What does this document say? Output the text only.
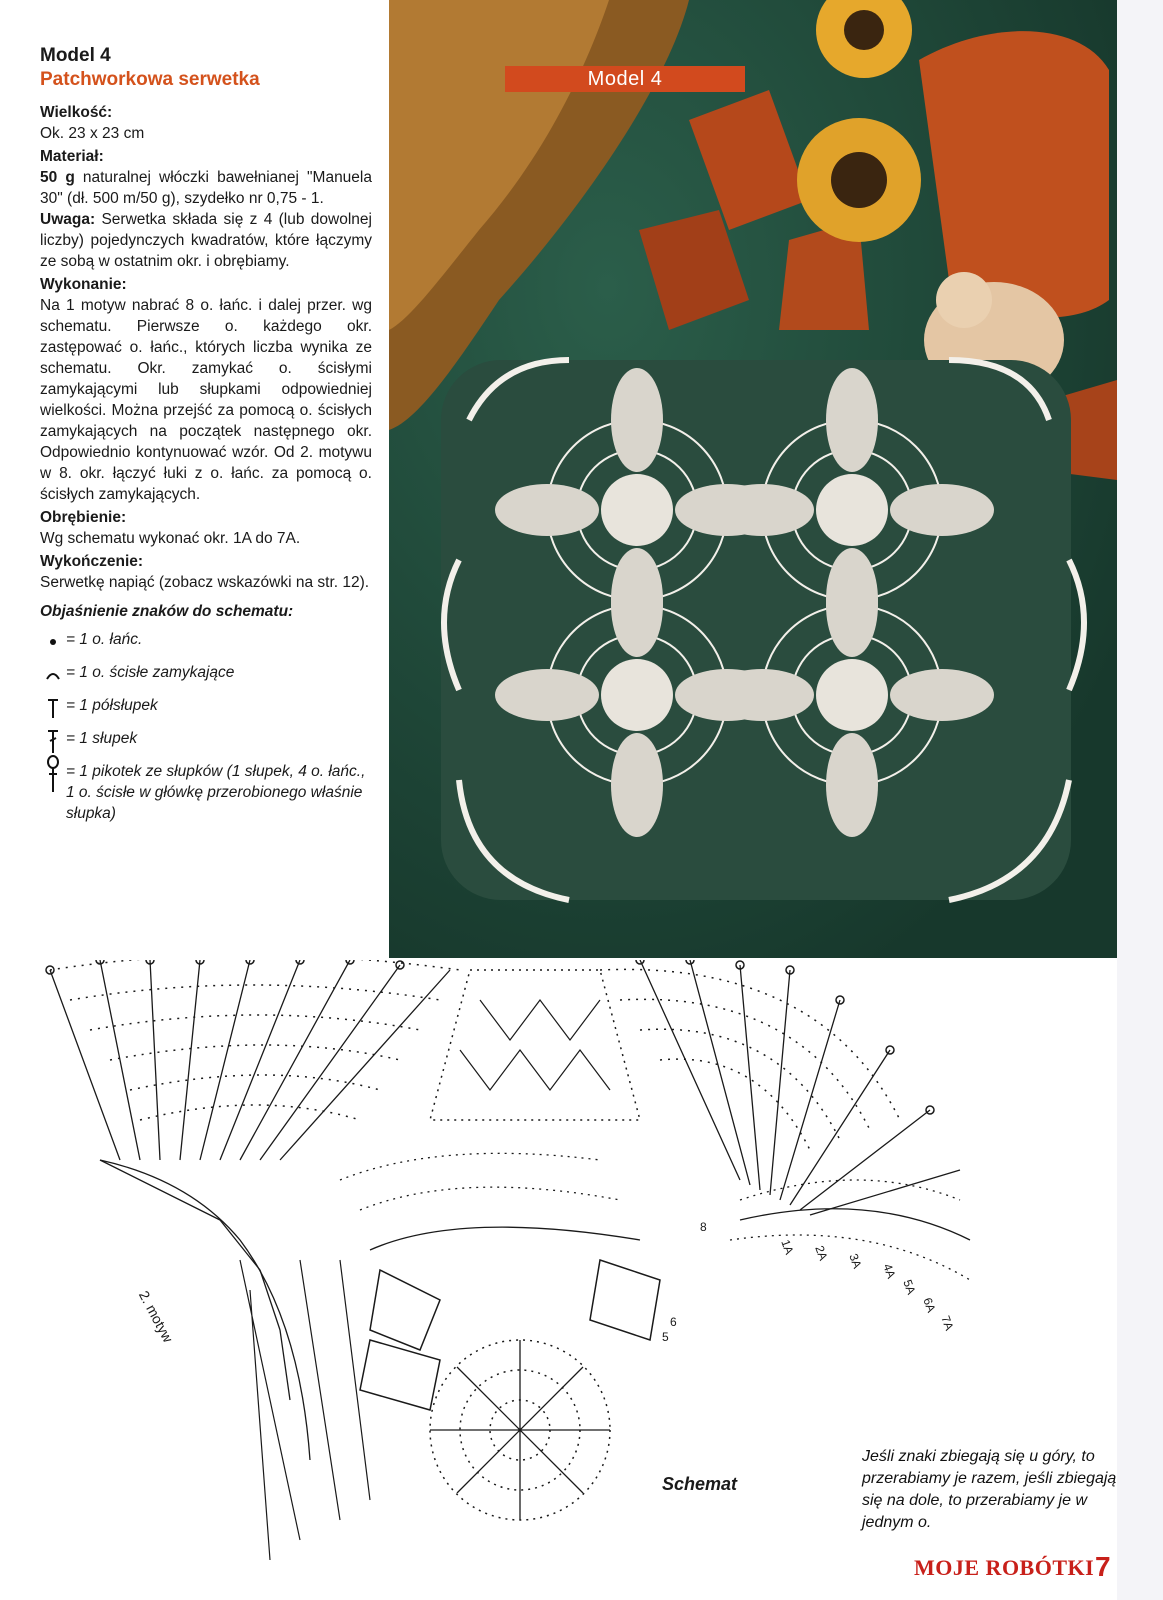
Model 4
Patchworkowa serwetka
Wielkość:

Ok. 23 x 23 cm

Materiał:

50 g naturalnej włóczki bawełnianej "Manuela 30" (dł. 500 m/50 g), szydełko nr 0,75 - 1.

Uwaga: Serwetka składa się z 4 (lub dowolnej liczby) pojedynczych kwadratów, które łączymy ze sobą w ostatnim okr. i obrębiamy.

Wykonanie:

Na 1 motyw nabrać 8 o. łańc. i dalej przer. wg schematu. Pierwsze o. każdego okr. zastępować o. łańc., których liczba wynika ze schematu. Okr. zamykać o. ścisłymi zamykającymi lub słupkami odpowiedniej wielkości. Można przejść za pomocą o. ścisłych zamykających na początek następnego okr. Odpowiednio kontynuować wzór. Od 2. motywu w 8. okr. łączyć łuki z o. łańc. za pomocą o. ścisłych zamykających.

Obrębienie:

Wg schematu wykonać okr. 1A do 7A.

Wykończenie:

Serwetkę napiąć (zobacz wskazówki na str. 12).

Objaśnienie znaków do schematu:
= 1 o. łańc.
= 1 o. ścisłe zamykające
= 1 półsłupek
= 1 słupek
= 1 pikotek ze słupków (1 słupek, 4 o. łańc., 1 o. ścisłe w główkę przerobionego właśnie słupka)
Model 4
2. motyw
1A 2A 3A
4A
5A
6A
7A
8
6
5
Schemat
Jeśli znaki zbiegają się u góry, to przerabiamy je razem, jeśli zbiegają się na dole, to przerabiamy je w jednym o.
MOJE ROBÓTKI 7
